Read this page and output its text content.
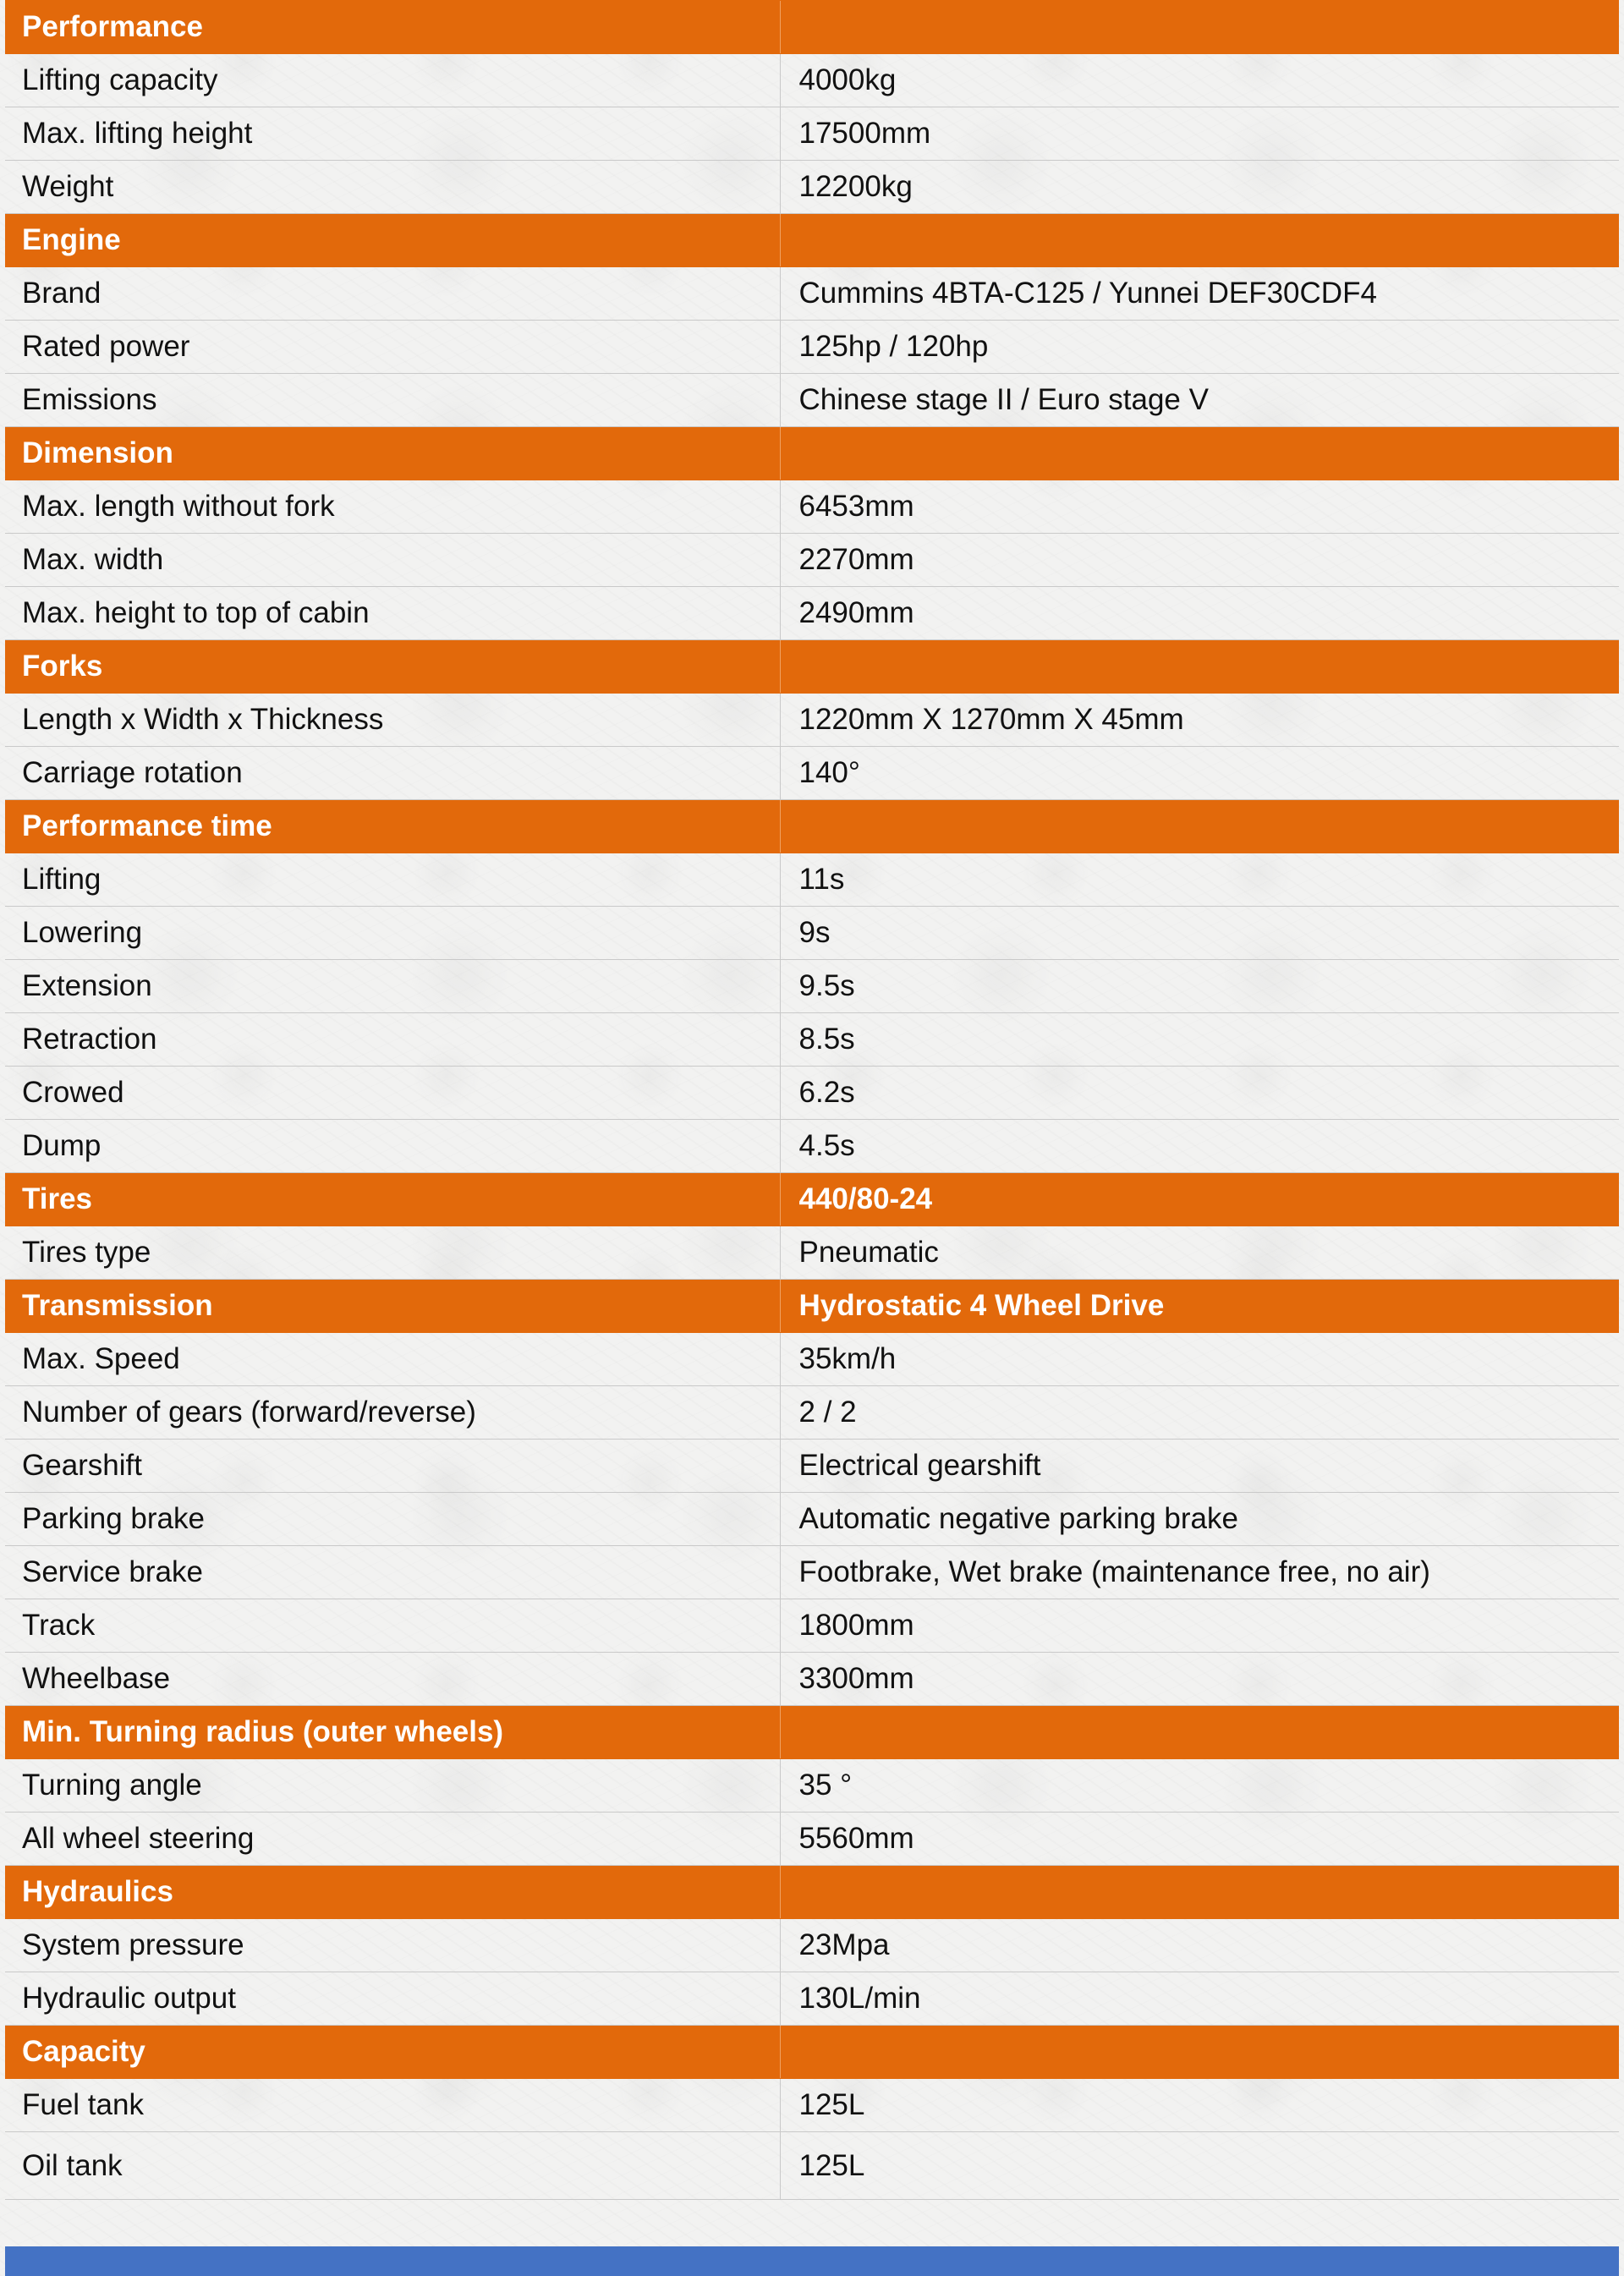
Performance	
Lifting capacity	4000kg
Max. lifting height	17500mm
Weight	12200kg
Engine	
Brand	Cummins 4BTA-C125 / Yunnei DEF30CDF4
Rated power	125hp / 120hp
Emissions	Chinese stage II / Euro stage V
Dimension	
Max. length without fork	6453mm
Max. width	2270mm
Max. height to top of cabin	2490mm
Forks	
Length x Width x Thickness	1220mm X 1270mm X 45mm
Carriage rotation	140°
Performance time	
Lifting	11s
Lowering	9s
Extension	9.5s
Retraction	8.5s
Crowed	6.2s
Dump	4.5s
Tires	440/80-24
Tires type	Pneumatic
Transmission	Hydrostatic 4 Wheel Drive
Max. Speed	35km/h
Number of gears (forward/reverse)	2 / 2
Gearshift	Electrical gearshift
Parking brake	Automatic negative parking brake
Service brake	Footbrake, Wet brake (maintenance free, no air)
Track	1800mm
Wheelbase	3300mm
Min. Turning radius (outer wheels)	
Turning angle	35 °
All wheel steering	5560mm
Hydraulics	
System pressure	23Mpa
Hydraulic output	130L/min
Capacity	
Fuel tank	125L
Oil tank	125L
